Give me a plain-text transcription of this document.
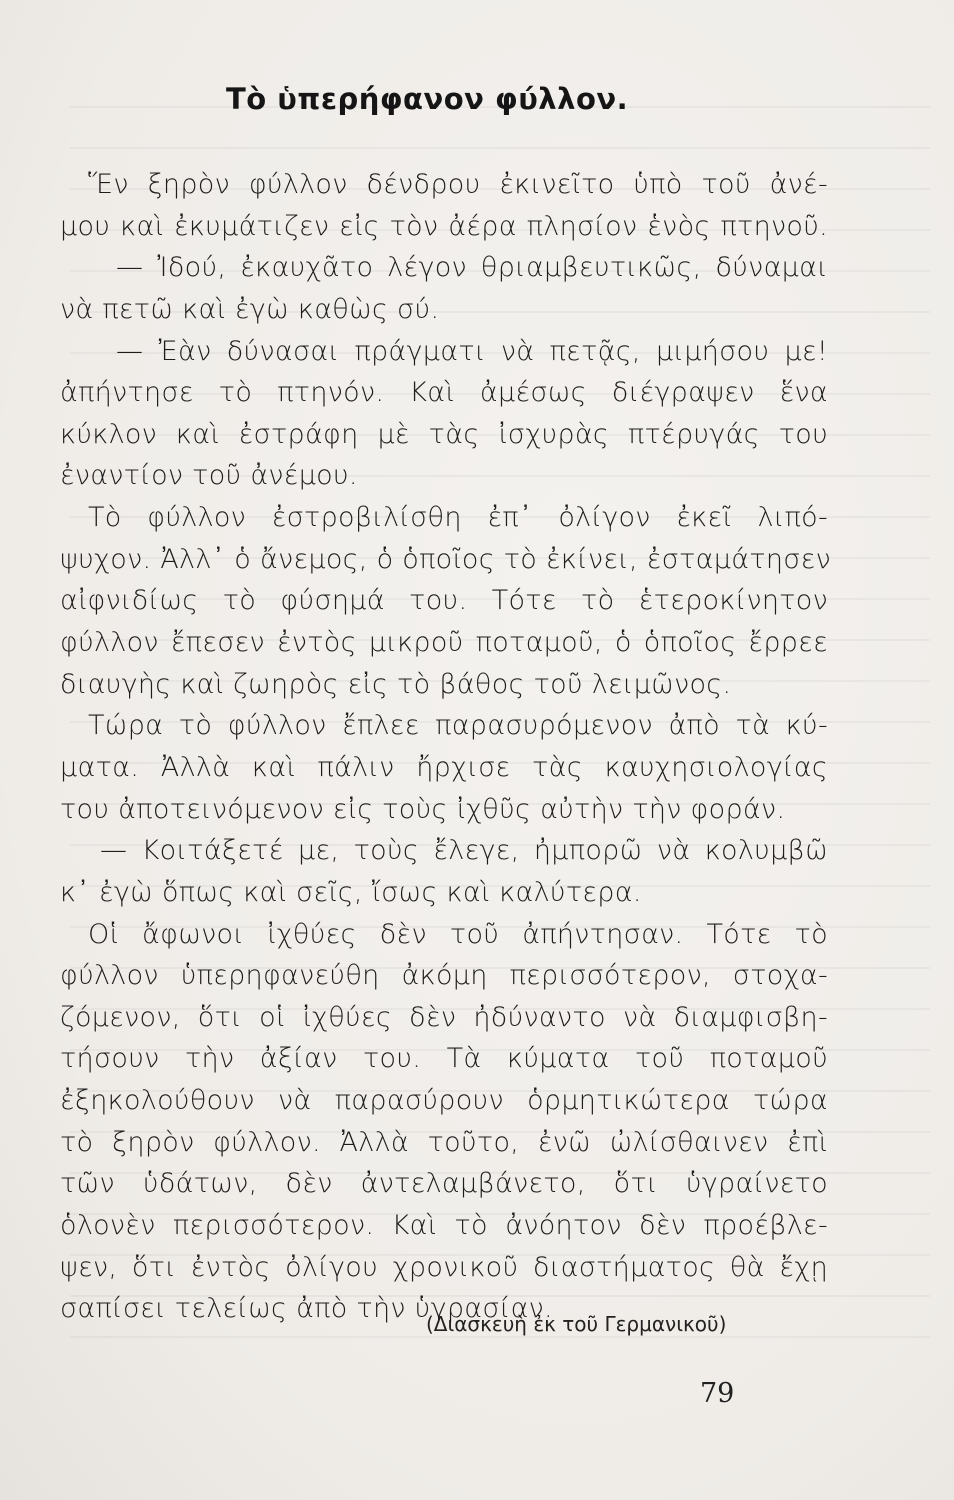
Τὸ ὑπερήφανον φύλλον.
Ἕν ξηρὸν φύλλον δένδρου ἐκινεῖτο ὑπὸ τοῦ ἀνέ-
μου καὶ ἐκυμάτιζεν εἰς τὸν ἀέρα πλησίον ἑνὸς πτηνοῦ.
— Ἰδού, ἐκαυχᾶτο λέγον θριαμβευτικῶς, δύναμαι
νὰ πετῶ καὶ ἐγὼ καθὼς σύ.
— Ἐὰν δύνασαι πράγματι νὰ πετᾷς, μιμήσου με!
ἀπήντησε τὸ πτηνόν. Καὶ ἀμέσως διέγραψεν ἕνα
κύκλον καὶ ἐστράφη μὲ τὰς ἰσχυρὰς πτέρυγάς του
ἐναντίον τοῦ ἀνέμου.
Τὸ φύλλον ἐστροβιλίσθη ἐπ᾽ ὀλίγον ἐκεῖ λιπό-
ψυχον. Ἀλλ᾽ ὁ ἄνεμος, ὁ ὁποῖος τὸ ἐκίνει, ἐσταμάτησεν
αἰφνιδίως τὸ φύσημά του. Τότε τὸ ἑτεροκίνητον
φύλλον ἔπεσεν ἐντὸς μικροῦ ποταμοῦ, ὁ ὁποῖος ἔρρεε
διαυγὴς καὶ ζωηρὸς εἰς τὸ βάθος τοῦ λειμῶνος.
Τώρα τὸ φύλλον ἔπλεε παρασυρόμενον ἀπὸ τὰ κύ-
ματα. Ἀλλὰ καὶ πάλιν ἤρχισε τὰς καυχησιολογίας
του ἀποτεινόμενον εἰς τοὺς ἰχθῦς αὐτὴν τὴν φοράν.
— Κοιτάξετέ με, τοὺς ἔλεγε, ἠμπορῶ νὰ κολυμβῶ
κ᾽ ἐγὼ ὅπως καὶ σεῖς, ἴσως καὶ καλύτερα.
Οἱ ἄφωνοι ἰχθύες δὲν τοῦ ἀπήντησαν. Τότε τὸ
φύλλον ὑπερηφανεύθη ἀκόμη περισσότερον, στοχα-
ζόμενον, ὅτι οἱ ἰχθύες δὲν ἠδύναντο νὰ διαμφισβη-
τήσουν τὴν ἀξίαν του. Τὰ κύματα τοῦ ποταμοῦ
ἐξηκολούθουν νὰ παρασύρουν ὁρμητικώτερα τώρα
τὸ ξηρὸν φύλλον. Ἀλλὰ τοῦτο, ἐνῶ ὠλίσθαινεν ἐπὶ
τῶν ὑδάτων, δὲν ἀντελαμβάνετο, ὅτι ὑγραίνετο
ὁλονὲν περισσότερον. Καὶ τὸ ἀνόητον δὲν προέβλε-
ψεν, ὅτι ἐντὸς ὀλίγου χρονικοῦ διαστήματος θὰ ἔχῃ
σαπίσει τελείως ἀπὸ τὴν ὑγρασίαν.
(Διασκευὴ ἐκ τοῦ Γερμανικοῦ)
79
